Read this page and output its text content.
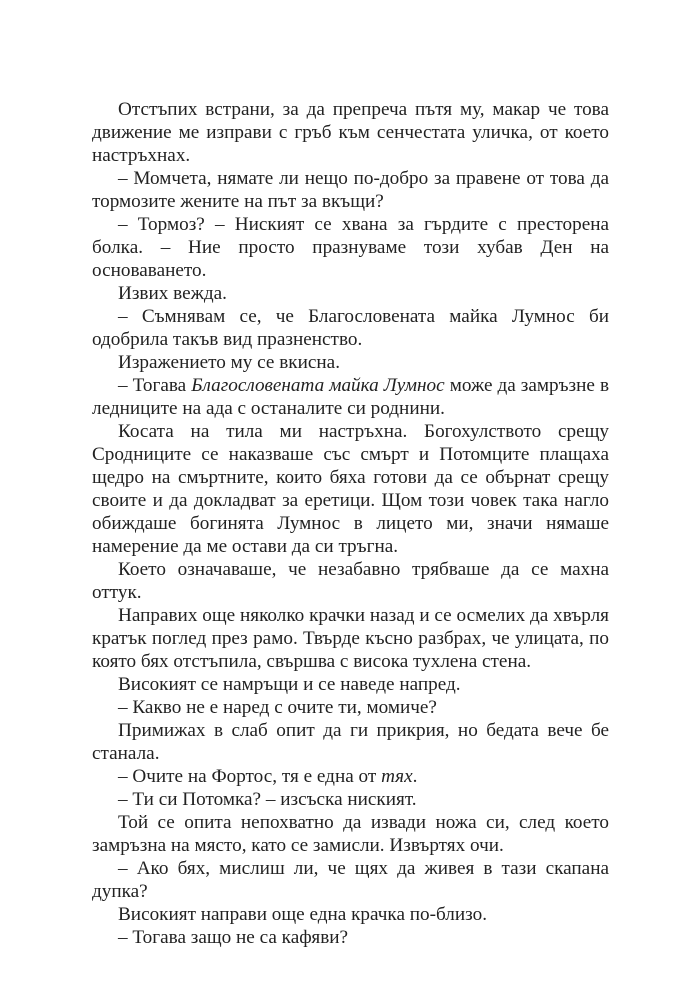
Отстъпих встрани, за да препреча пътя му, макар че това движение ме изправи с гръб към сенчестата уличка, от което настръхнах.

– Момчета, нямате ли нещо по-добро за правене от това да тормозите жените на път за вкъщи?

– Тормоз? – Ниският се хвана за гърдите с престорена болка. – Ние просто празнуваме този хубав Ден на основаването.

Извих вежда.

– Съмнявам се, че Благословената майка Лумнос би одобрила такъв вид празненство.

Изражението му се вкисна.

– Тогава Благословената майка Лумнос може да замръзне в ледниците на ада с останалите си роднини.

Косата на тила ми настръхна. Богохулството срещу Сродниците се наказваше със смърт и Потомците плащаха щедро на смъртните, които бяха готови да се обърнат срещу своите и да докладват за еретици. Щом този човек така нагло обиждаше богинята Лумнос в лицето ми, значи нямаше намерение да ме остави да си тръгна.

Което означаваше, че незабавно трябваше да се махна оттук.

Направих още няколко крачки назад и се осмелих да хвърля кратък поглед през рамо. Твърде късно разбрах, че улицата, по която бях отстъпила, свършва с висока тухлена стена.

Високият се намръщи и се наведе напред.

– Какво не е наред с очите ти, момиче?

Примижах в слаб опит да ги прикрия, но бедата вече бе станала.

– Очите на Фортос, тя е една от тях.

– Ти си Потомка? – изсъска ниският.

Той се опита непохватно да извади ножа си, след което замръзна на място, като се замисли. Извъртях очи.

– Ако бях, мислиш ли, че щях да живея в тази скапана дупка?

Високият направи още една крачка по-близо.

– Тогава защо не са кафяви?
